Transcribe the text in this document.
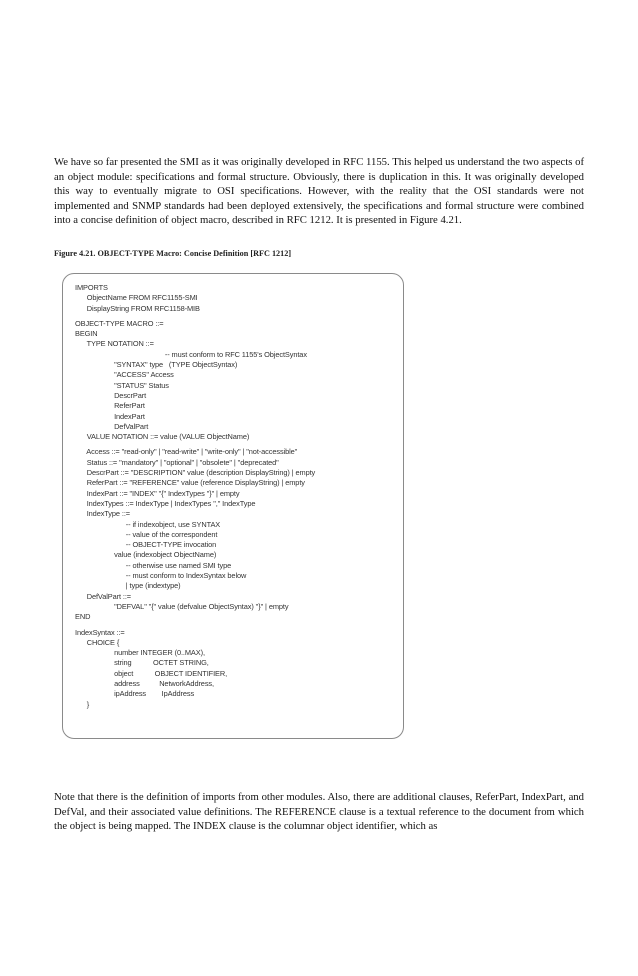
We have so far presented the SMI as it was originally developed in RFC 1155. This helped us understand the two aspects of an object module: specifications and formal structure. Obviously, there is duplication in this. It was originally developed this way to eventually migrate to OSI specifications. However, with the reality that the OSI standards were not implemented and SNMP standards had been deployed extensively, the specifications and formal structure were combined into a concise definition of object macro, described in RFC 1212. It is presented in Figure 4.21.

Figure 4.21. OBJECT-TYPE Macro: Concise Definition [RFC 1212]

IMPORTS
ObjectName FROM RFC1155-SMI
DisplayString FROM RFC1158-MIB
OBJECT-TYPE MACRO ::=
BEGIN
TYPE NOTATION ::=
-- must conform to RFC 1155's ObjectSyntax
"SYNTAX" type   (TYPE ObjectSyntax)
"ACCESS" Access
"STATUS" Status
DescrPart
ReferPart
IndexPart
DefValPart
VALUE NOTATION ::= value (VALUE ObjectName)
Access ::= "read-only" | "read-write" | "write-only" | "not-accessible"
Status ::= "mandatory" | "optional" | "obsolete" | "deprecated"
DescrPart ::= "DESCRIPTION" value (description DisplayString) | empty
ReferPart ::= "REFERENCE" value (reference DisplayString) | empty
IndexPart ::= "INDEX" "{" IndexTypes "}" | empty
IndexTypes ::= IndexType | IndexTypes "," IndexType
IndexType ::=
-- if indexobject, use SYNTAX
-- value of the correspondent
-- OBJECT-TYPE invocation
value (indexobject ObjectName)
-- otherwise use named SMI type
-- must conform to IndexSyntax below
| type (indextype)
DefValPart ::=
"DEFVAL" "{" value (defvalue ObjectSyntax) "}" | empty
END
IndexSyntax ::=
CHOICE {
number INTEGER (0..MAX),
string           OCTET STRING,
object           OBJECT IDENTIFIER,
address          NetworkAddress,
ipAddress        IpAddress
}

Note that there is the definition of imports from other modules. Also, there are additional clauses, ReferPart, IndexPart, and DefVal, and their associated value definitions. The REFERENCE clause is a textual reference to the document from which the object is being mapped. The INDEX clause is the columnar object identifier, which as
